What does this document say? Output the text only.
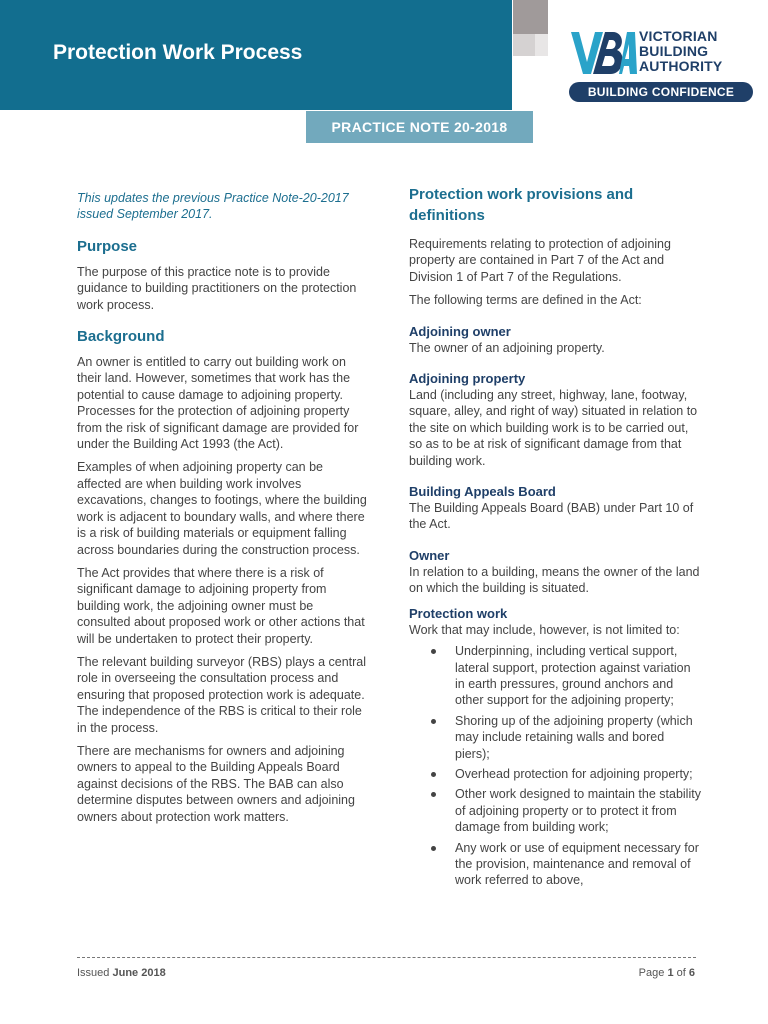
Protection Work Process
VICTORIAN
BUILDING
AUTHORITY
BUILDING CONFIDENCE
PRACTICE NOTE 20-2018

This updates the previous Practice Note-20-2017 issued September 2017.

Purpose

The purpose of this practice note is to provide guidance to building practitioners on the protection work process.

Background

An owner is entitled to carry out building work on their land. However, sometimes that work has the potential to cause damage to adjoining property. Processes for the protection of adjoining property from the risk of significant damage are provided for under the Building Act 1993 (the Act).

Examples of when adjoining property can be affected are when building work involves excavations, changes to footings, where the building work is adjacent to boundary walls, and where there is a risk of building materials or equipment falling across boundaries during the construction process.

The Act provides that where there is a risk of significant damage to adjoining property from building work, the adjoining owner must be consulted about proposed work or other actions that will be undertaken to protect their property.

The relevant building surveyor (RBS) plays a central role in overseeing the consultation process and ensuring that proposed protection work is adequate. The independence of the RBS is critical to their role in the process.

There are mechanisms for owners and adjoining owners to appeal to the Building Appeals Board against decisions of the RBS. The BAB can also determine disputes between owners and adjoining owners about protection work matters.

Protection work provisions and definitions

Requirements relating to protection of adjoining property are contained in Part 7 of the Act and Division 1 of Part 7 of the Regulations.

The following terms are defined in the Act:

Adjoining owner

The owner of an adjoining property.

Adjoining property

Land (including any street, highway, lane, footway, square, alley, and right of way) situated in relation to the site on which building work is to be carried out, so as to be at risk of significant damage from that building work.

Building Appeals Board

The Building Appeals Board (BAB) under Part 10 of the Act.

Owner

In relation to a building, means the owner of the land on which the building is situated.

Protection work

Work that may include, however, is not limited to:

Underpinning, including vertical support, lateral support, protection against variation in earth pressures, ground anchors and other support for the adjoining property;
Shoring up of the adjoining property (which may include retaining walls and bored piers);
Overhead protection for adjoining property;
Other work designed to maintain the stability of adjoining property or to protect it from damage from building work;
Any work or use of equipment necessary for the provision, maintenance and removal of work referred to above,
Issued June 2018	Page 1 of 6
